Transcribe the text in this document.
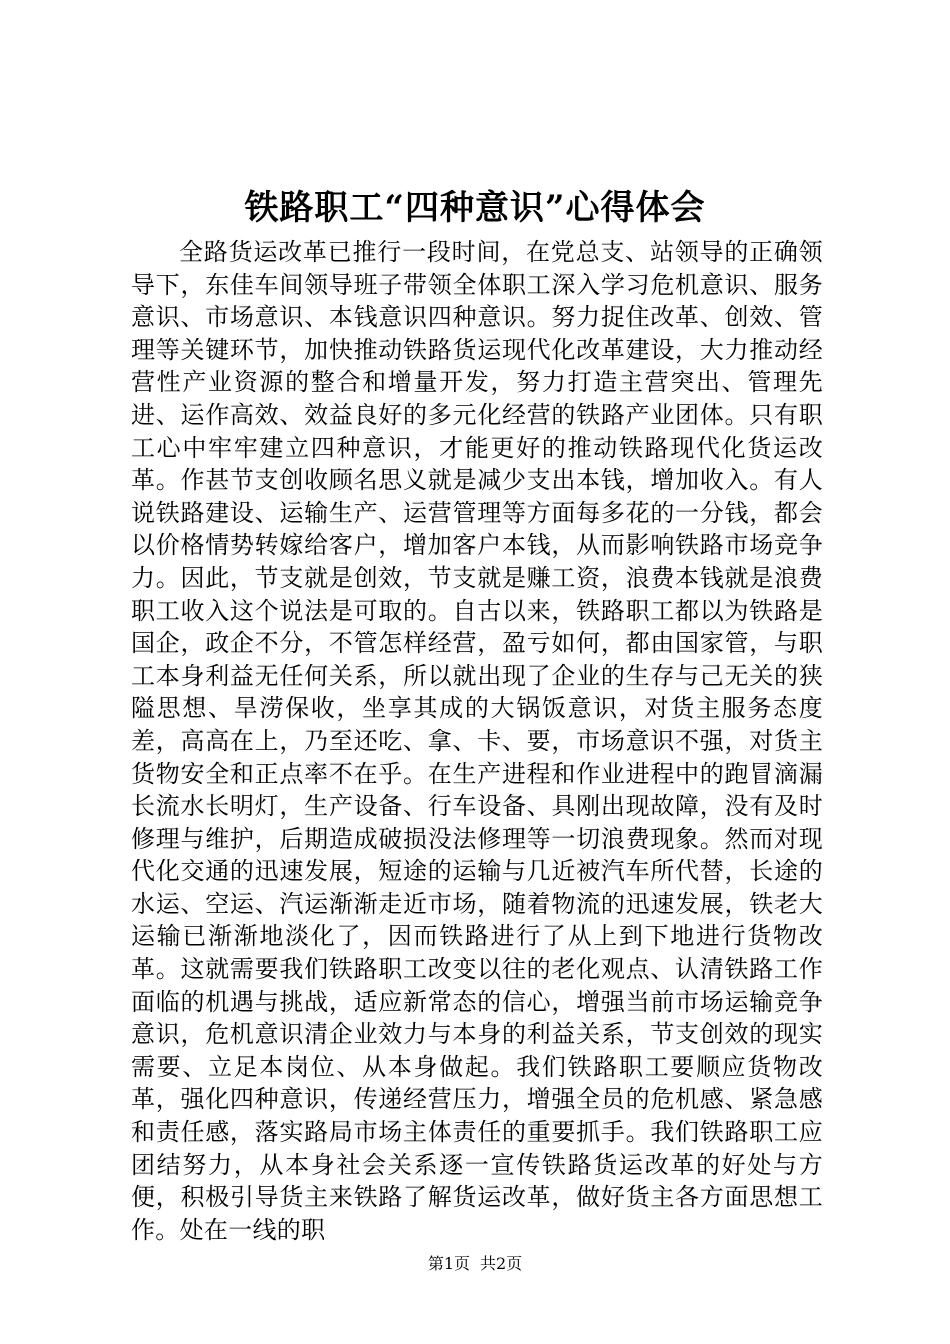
铁路职工“四种意识”心得体会

全路货运改革已推行一段时间，在党总支、站领导的正确领导下，东佳车间领导班子带领全体职工深入学习危机意识、服务意识、市场意识、本钱意识四种意识。努力捉住改革、创效、管理等关键环节，加快推动铁路货运现代化改革建设，大力推动经营性产业资源的整合和增量开发，努力打造主营突出、管理先进、运作高效、效益良好的多元化经营的铁路产业团体。只有职工心中牢牢建立四种意识，才能更好的推动铁路现代化货运改革。作甚节支创收顾名思义就是减少支出本钱，增加收入。有人说铁路建设、运输生产、运营管理等方面每多花的一分钱，都会以价格情势转嫁给客户，增加客户本钱，从而影响铁路市场竞争力。因此，节支就是创效，节支就是赚工资，浪费本钱就是浪费职工收入这个说法是可取的。自古以来，铁路职工都以为铁路是国企，政企不分，不管怎样经营，盈亏如何，都由国家管，与职工本身利益无任何关系，所以就出现了企业的生存与己无关的狭隘思想、旱涝保收，坐享其成的大锅饭意识，对货主服务态度差，高高在上，乃至还吃、拿、卡、要，市场意识不强，对货主货物安全和正点率不在乎。在生产进程和作业进程中的跑冒滴漏长流水长明灯，生产设备、行车设备、具刚出现故障，没有及时修理与维护，后期造成破损没法修理等一切浪费现象。然而对现代化交通的迅速发展，短途的运输与几近被汽车所代替，长途的水运、空运、汽运渐渐走近市场，随着物流的迅速发展，铁老大运输已渐渐地淡化了，因而铁路进行了从上到下地进行货物改革。这就需要我们铁路职工改变以往的老化观点、认清铁路工作面临的机遇与挑战，适应新常态的信心，增强当前市场运输竞争意识，危机意识清企业效力与本身的利益关系，节支创效的现实需要、立足本岗位、从本身做起。我们铁路职工要顺应货物改革，强化四种意识，传递经营压力，增强全员的危机感、紧急感和责任感，落实路局市场主体责任的重要抓手。我们铁路职工应团结努力，从本身社会关系逐一宣传铁路货运改革的好处与方便，积极引导货主来铁路了解货运改革，做好货主各方面思想工作。处在一线的职

第1页 共2页
